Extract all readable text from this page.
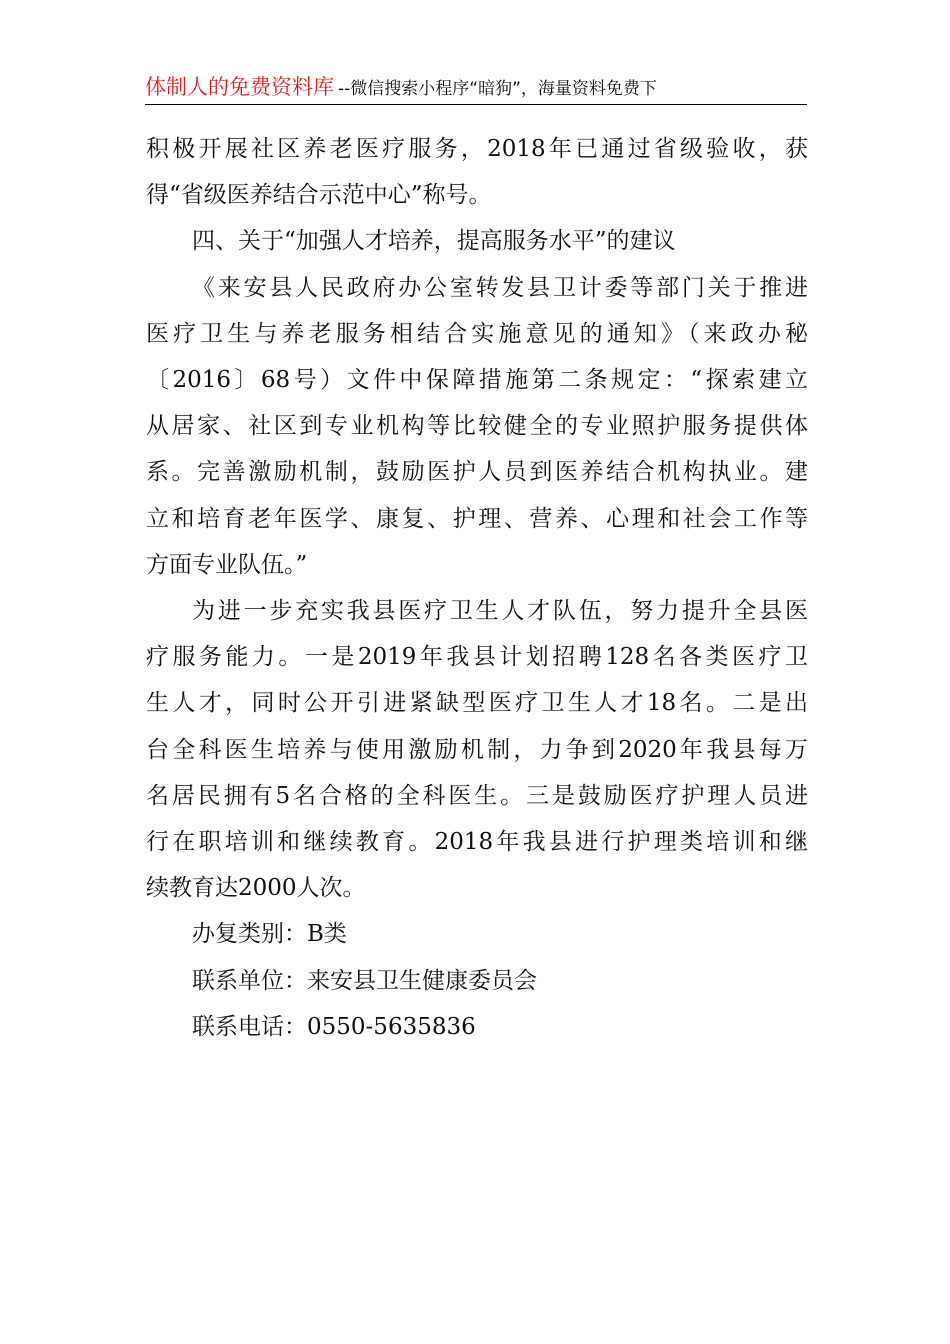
体制人的免费资料库 --微信搜索小程序“暗狗”，海量资料免费下

积极开展社区养老医疗服务，2018年已通过省级验收，获
得“省级医养结合示范中心”称号。

四、关于“加强人才培养，提高服务水平”的建议

《来安县人民政府办公室转发县卫计委等部门关于推进
医疗卫生与养老服务相结合实施意见的通知》（来政办秘
〔2016〕68号）文件中保障措施第二条规定：“探索建立
从居家、社区到专业机构等比较健全的专业照护服务提供体
系。完善激励机制，鼓励医护人员到医养结合机构执业。建
立和培育老年医学、康复、护理、营养、心理和社会工作等
方面专业队伍。”

为进一步充实我县医疗卫生人才队伍，努力提升全县医
疗服务能力。一是2019年我县计划招聘128名各类医疗卫
生人才，同时公开引进紧缺型医疗卫生人才18名。二是出
台全科医生培养与使用激励机制，力争到2020年我县每万
名居民拥有5名合格的全科医生。三是鼓励医疗护理人员进
行在职培训和继续教育。2018年我县进行护理类培训和继
续教育达2000人次。

办复类别：B类

联系单位：来安县卫生健康委员会

联系电话：0550-5635836
